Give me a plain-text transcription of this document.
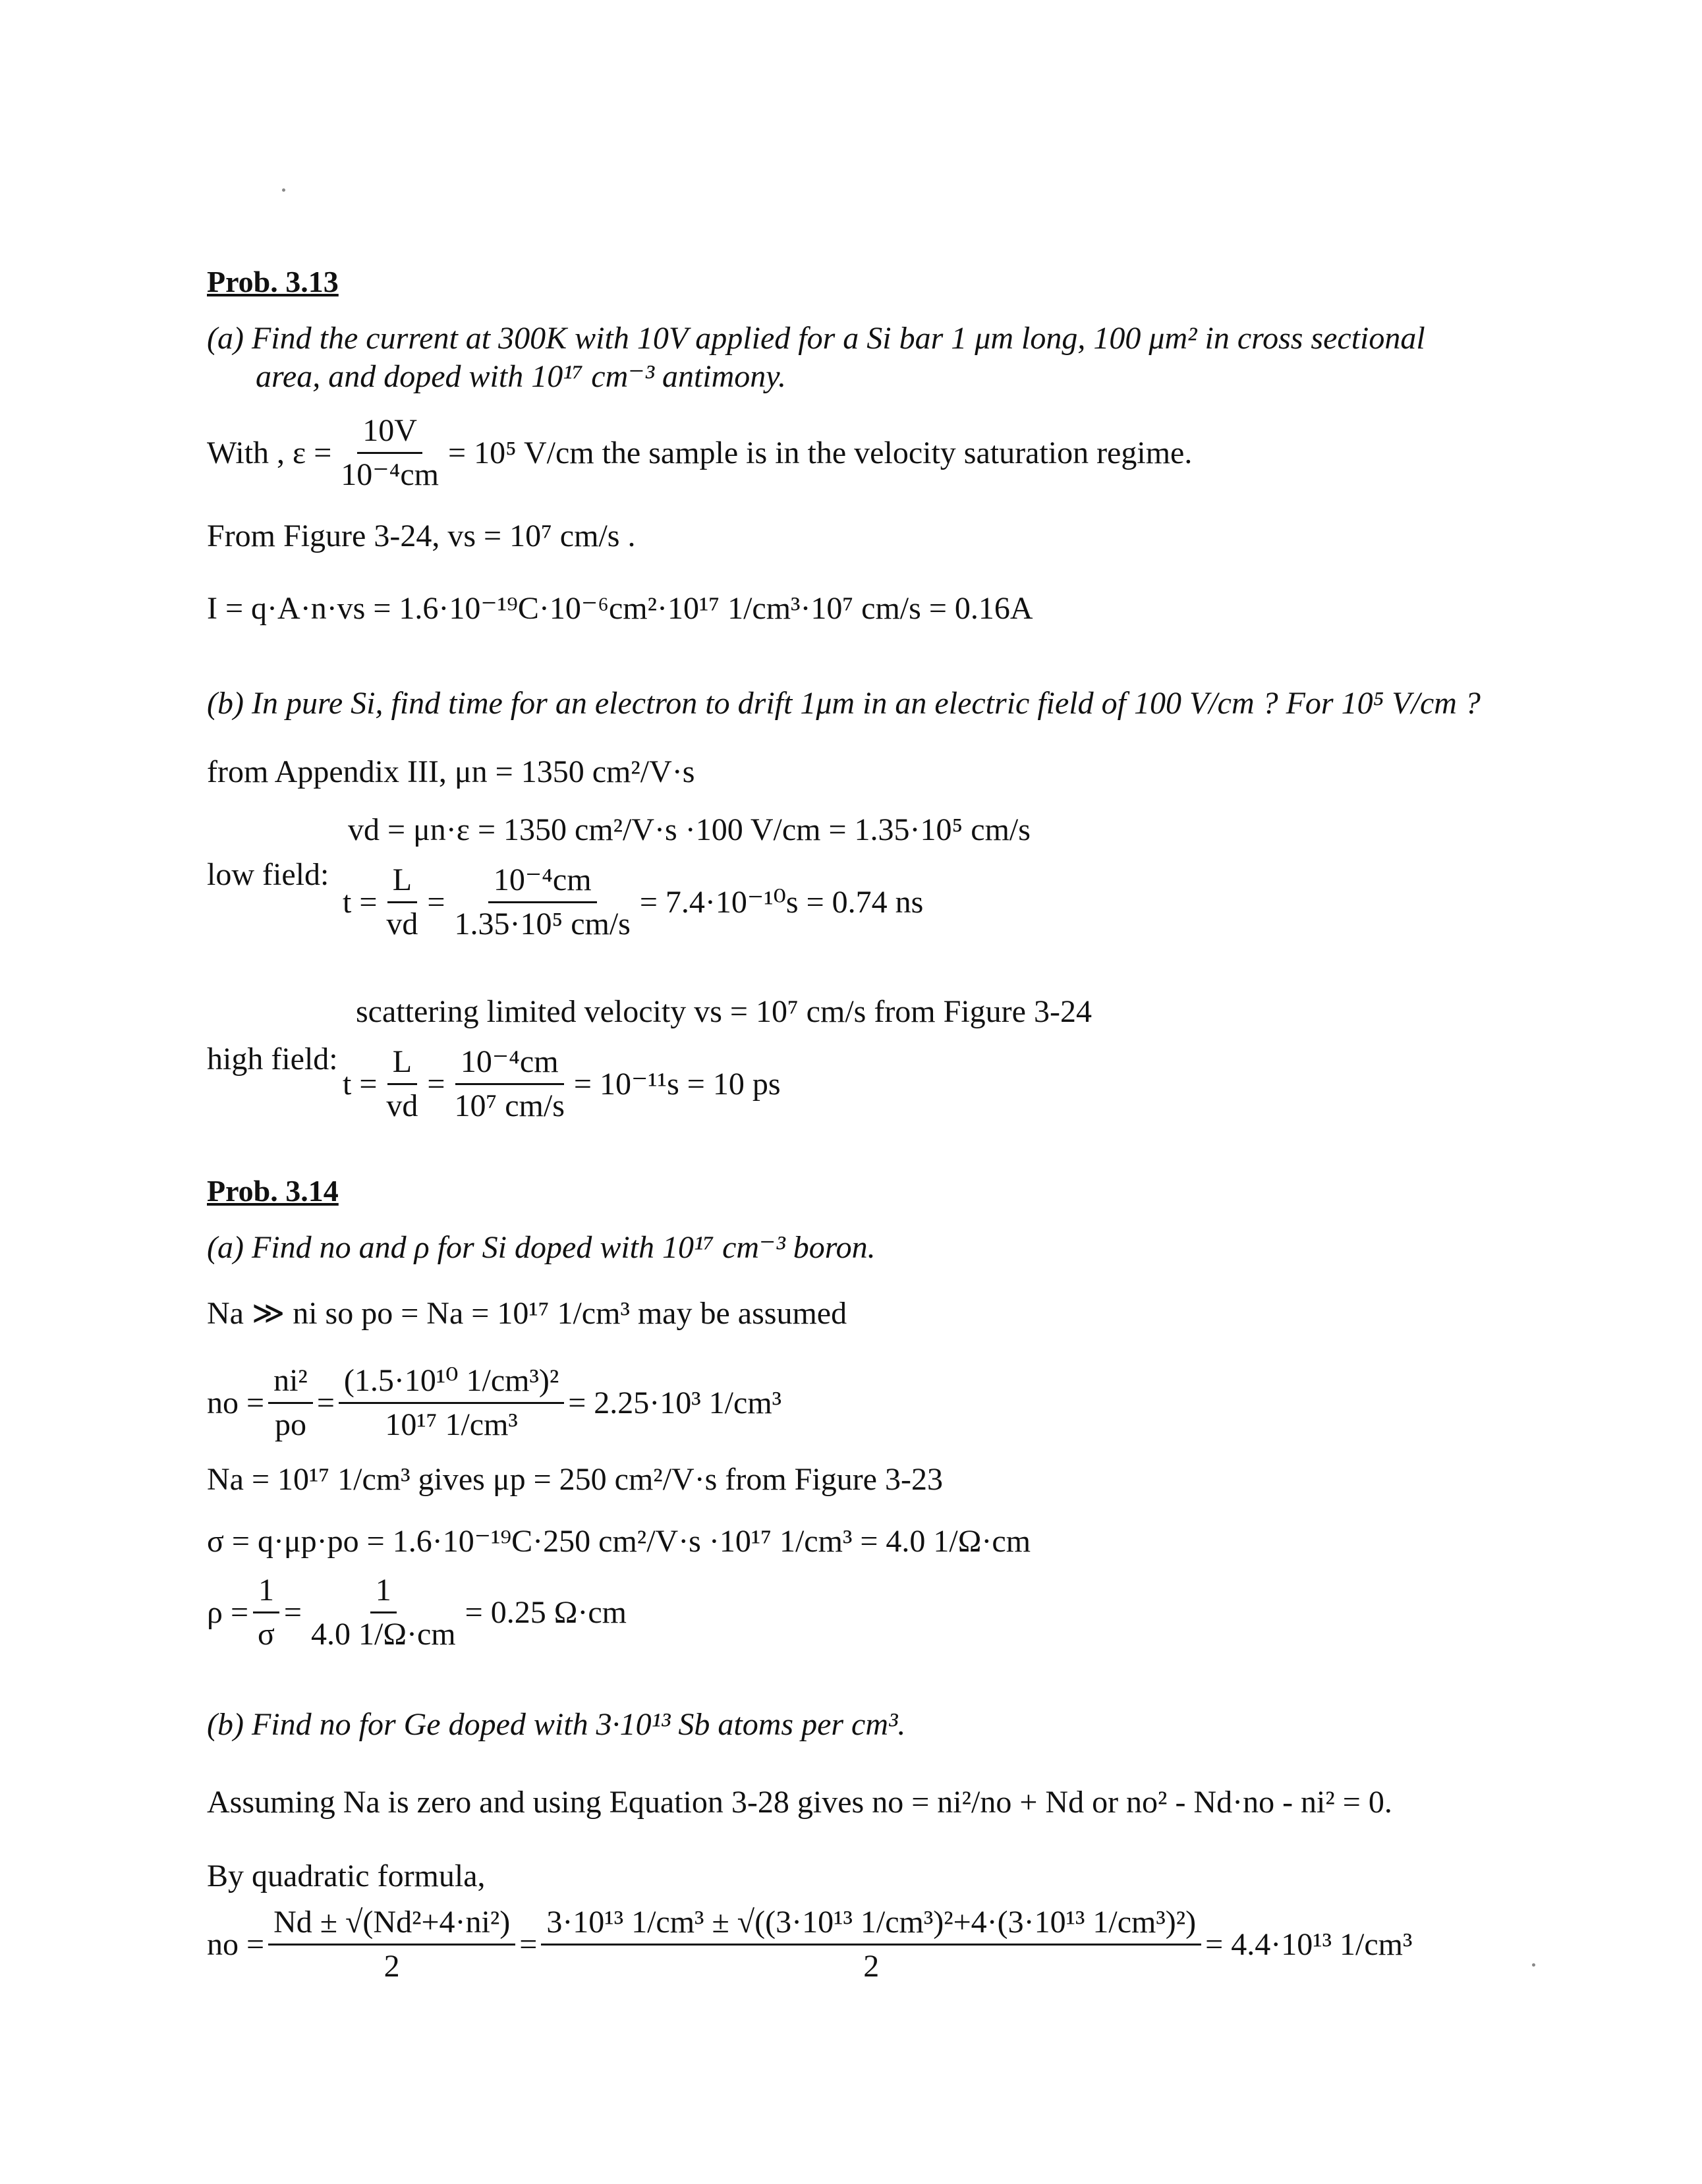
Prob. 3.13
(a) Find the current at 300K with 10V applied for a Si bar 1 μm long, 100 μm² in cross sectional
area, and doped with 10¹⁷ cm⁻³ antimony.
With , $\varepsilon = \frac{10V}{\text{10⁻⁴cm}} = 10^5$ V/cm the sample is in the velocity saturation regime.
From Figure 3-24, vs = 10⁷ cm/s .
I = q·A·n·vs = 1.6·10⁻¹⁹C·10⁻⁶cm²·10¹⁷ 1/cm³·10⁷ cm/s = 0.16A
(b) In pure Si, find time for an electron to drift 1μm in an electric field of 100 V/cm ? For 10⁵ V/cm ?
from Appendix III, μn = 1350 cm²/V·s
vd = μn·ε = 1350 cm²/V·s ·100 V/cm = 1.35·10⁵ cm/s
low field:
$t = \frac{L}{vd} = \frac{\text{10⁻⁴cm}}{\text{1.35·10⁵ cm/s}} = 7.4\cdot 10^{-10}s = 0.74$ ns
scattering limited velocity vs = 10⁷ cm/s from Figure 3-24
high field:
$t = \frac{L}{vd} = \frac{\text{10⁻⁴cm}}{\text{10⁷ cm/s}} = 10^{-11}s = 10$ ps
Prob. 3.14
(a) Find no and ρ for Si doped with 10¹⁷ cm⁻³ boron.
Na ≫ ni so po = Na = 10¹⁷ 1/cm³ may be assumed
no = $\frac{\text{ni²}}{po} = \frac{\text{(1.5·10¹⁰ 1/cm³)²}}{\text{10¹⁷ 1/cm³}} = 2.25\cdot 10^3$ 1/cm³
Na = 10¹⁷ 1/cm³ gives μp = 250 cm²/V·s from Figure 3-23
σ = q·μp·po = 1.6·10⁻¹⁹C·250 cm²/V·s ·10¹⁷ 1/cm³ = 4.0 1/Ω·cm
$\rho = \frac{1}{\sigma} = \frac{1}{4.0 1/\Omega\cdot cm} = 0.25$ Ω·cm
(b) Find no for Ge doped with 3·10¹³ Sb atoms per cm³.
Assuming Na is zero and using Equation 3-28 gives no = ni²/no + Nd or no² - Nd·no - ni² = 0.
By quadratic formula,
no = $\frac{\text{Nd ± √(Nd²+4·ni²)}}{2} = \frac{\text{3·10¹³ 1/cm³ ± √((3·10¹³ 1/cm³)²+4·(3·10¹³ 1/cm³)²)}}{2} = 4.4\cdot 10^{13}$ 1/cm³
